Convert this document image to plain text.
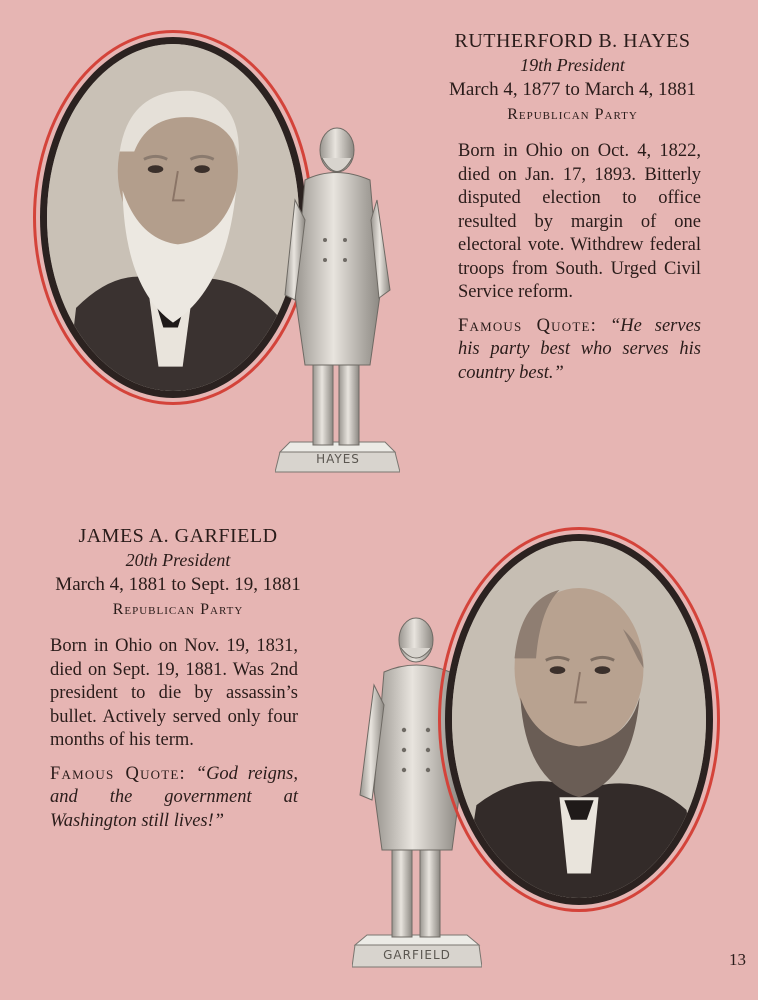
HAYES
RUTHERFORD B. HAYES
19th President
March 4, 1877 to March 4, 1881
Republican Party
Born in Ohio on Oct. 4, 1822, died on Jan. 17, 1893. Bitterly disputed election to office resulted by margin of one electoral vote. Withdrew federal troops from South. Urged Civil Service reform.
Famous Quote: “He serves his party best who serves his country best.”
JAMES A. GARFIELD
20th President
March 4, 1881 to Sept. 19, 1881
Republican Party
Born in Ohio on Nov. 19, 1831, died on Sept. 19, 1881. Was 2nd president to die by assassin’s bullet. Actively served only four months of his term.
Famous Quote: “God reigns, and the government at Washington still lives!”
GARFIELD	13
